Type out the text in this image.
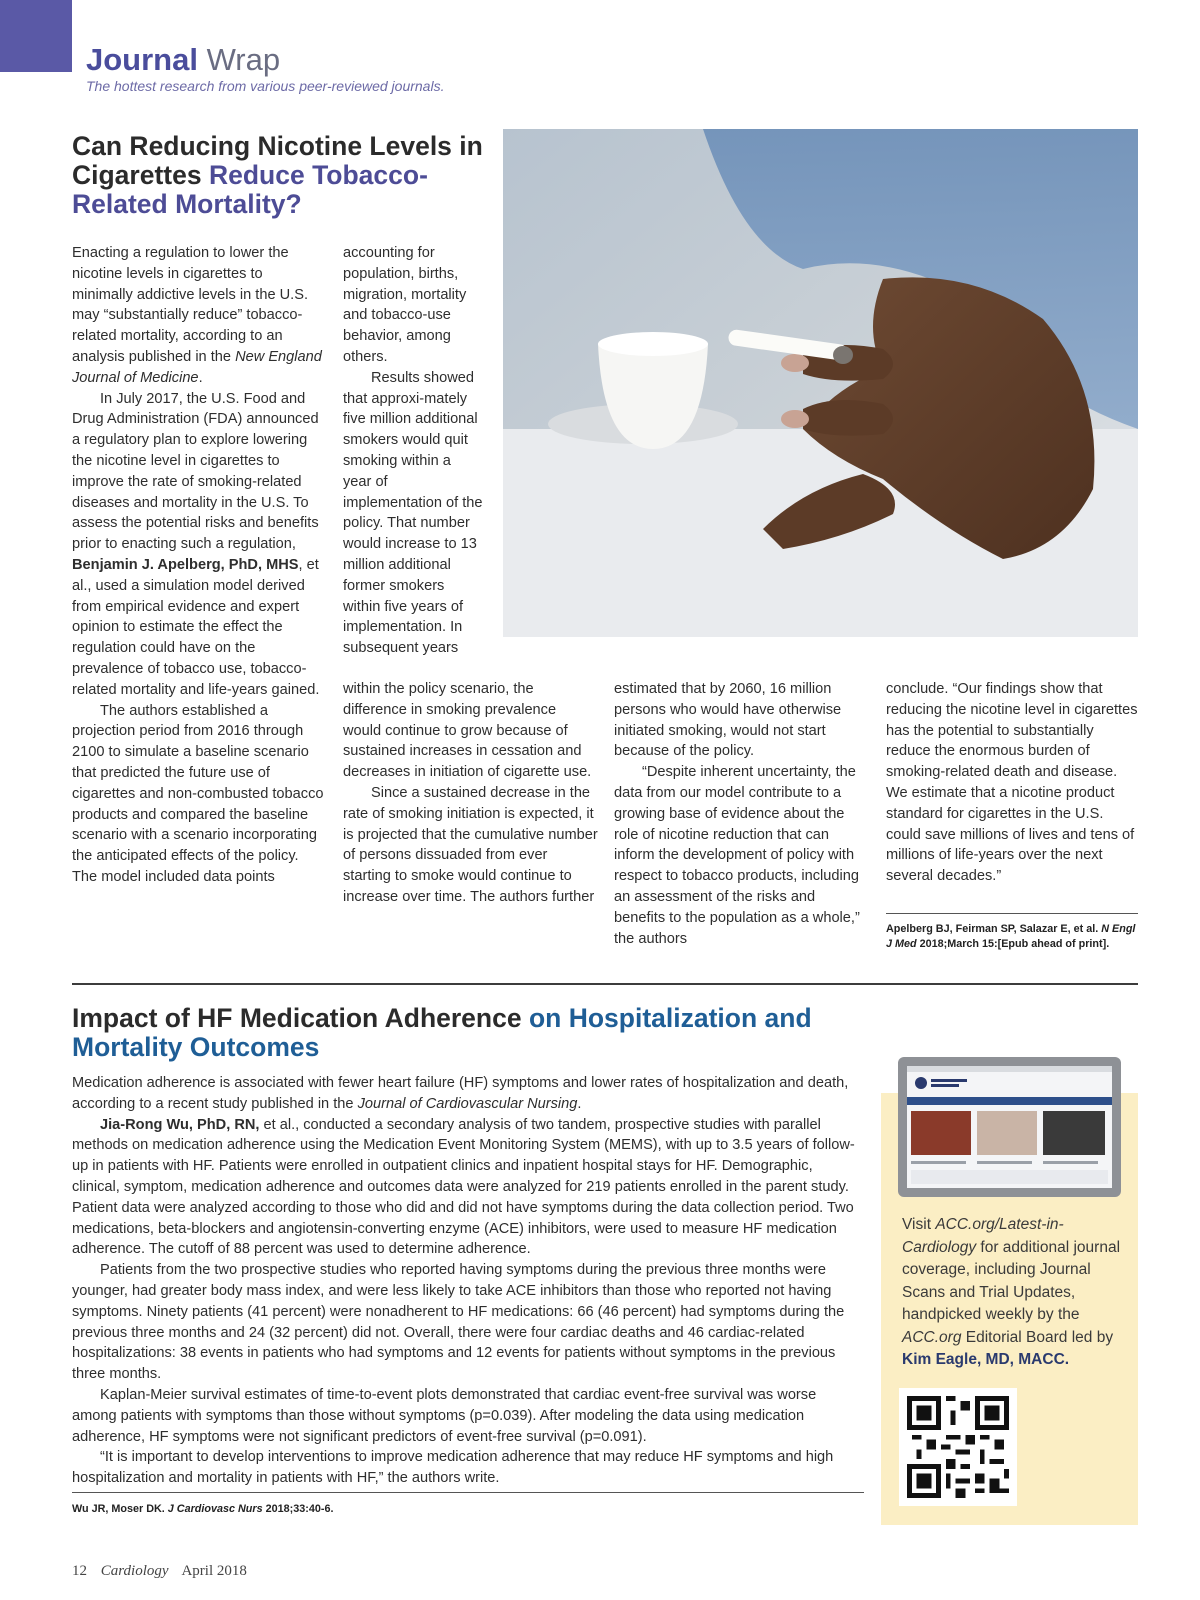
Journal Wrap
The hottest research from various peer-reviewed journals.
Can Reducing Nicotine Levels in Cigarettes Reduce Tobacco-Related Mortality?

Enacting a regulation to lower the nicotine levels in cigarettes to minimally addictive levels in the U.S. may “substantially reduce” tobacco-related mortality, according to an analysis published in the New England Journal of Medicine.

In July 2017, the U.S. Food and Drug Administration (FDA) announced a regulatory plan to explore lowering the nicotine level in cigarettes to improve the rate of smoking-related diseases and mortality in the U.S. To assess the potential risks and benefits prior to enacting such a regulation, Benjamin J. Apelberg, PhD, MHS, et al., used a simulation model derived from empirical evidence and expert opinion to estimate the effect the regulation could have on the prevalence of tobacco use, tobacco-related mortality and life-years gained.

The authors established a projection period from 2016 through 2100 to simulate a baseline scenario that predicted the future use of cigarettes and non-combusted tobacco products and compared the baseline scenario with a scenario incorporating the anticipated effects of the policy. The model included data points

accounting for population, births, migration, mortality and tobacco-use behavior, among others.

Results showed that approxi-mately five million additional smokers would quit smoking within a year of implementation of the policy. That number would increase to 13 million additional former smokers within five years of implementation. In subsequent years

within the policy scenario, the difference in smoking prevalence would continue to grow because of sustained increases in cessation and decreases in initiation of cigarette use.

Since a sustained decrease in the rate of smoking initiation is expected, it is projected that the cumulative number of persons dissuaded from ever starting to smoke would continue to increase over time. The authors further

estimated that by 2060, 16 million persons who would have otherwise initiated smoking, would not start because of the policy.

“Despite inherent uncertainty, the data from our model contribute to a growing base of evidence about the role of nicotine reduction that can inform the development of policy with respect to tobacco products, including an assessment of the risks and benefits to the population as a whole,” the authors

conclude. “Our findings show that reducing the nicotine level in cigarettes has the potential to substantially reduce the enormous burden of smoking-related death and disease. We estimate that a nicotine product standard for cigarettes in the U.S. could save millions of lives and tens of millions of life-years over the next several decades.”

Apelberg BJ, Feirman SP, Salazar E, et al. N Engl J Med 2018;March 15:[Epub ahead of print].
Impact of HF Medication Adherence on Hospitalization and Mortality Outcomes

Medication adherence is associated with fewer heart failure (HF) symptoms and lower rates of hospitalization and death, according to a recent study published in the Journal of Cardiovascular Nursing.

Jia-Rong Wu, PhD, RN, et al., conducted a secondary analysis of two tandem, prospective studies with parallel methods on medication adherence using the Medication Event Monitoring System (MEMS), with up to 3.5 years of follow-up in patients with HF. Patients were enrolled in outpatient clinics and inpatient hospital stays for HF. Demographic, clinical, symptom, medication adherence and outcomes data were analyzed for 219 patients enrolled in the parent study. Patient data were analyzed according to those who did and did not have symptoms during the data collection period. Two medications, beta-blockers and angiotensin-converting enzyme (ACE) inhibitors, were used to measure HF medication adherence. The cutoff of 88 percent was used to determine adherence.

Patients from the two prospective studies who reported having symptoms during the previous three months were younger, had greater body mass index, and were less likely to take ACE inhibitors than those who reported not having symptoms. Ninety patients (41 percent) were nonadherent to HF medications: 66 (46 percent) had symptoms during the previous three months and 24 (32 percent) did not. Overall, there were four cardiac deaths and 46 cardiac-related hospitalizations: 38 events in patients who had symptoms and 12 events for patients without symptoms in the previous three months.

Kaplan-Meier survival estimates of time-to-event plots demonstrated that cardiac event-free survival was worse among patients with symptoms than those without symptoms (p=0.039). After modeling the data using medication adherence, HF symptoms were not significant predictors of event-free survival (p=0.091).

“It is important to develop interventions to improve medication adherence that may reduce HF symptoms and high hospitalization and mortality in patients with HF,” the authors write.

Wu JR, Moser DK. J Cardiovasc Nurs 2018;33:40-6.
Visit ACC.org/Latest-in-Cardiology for additional journal coverage, including Journal Scans and Trial Updates, handpicked weekly by the ACC.org Editorial Board led by Kim Eagle, MD, MACC.
12 Cardiology April 2018
